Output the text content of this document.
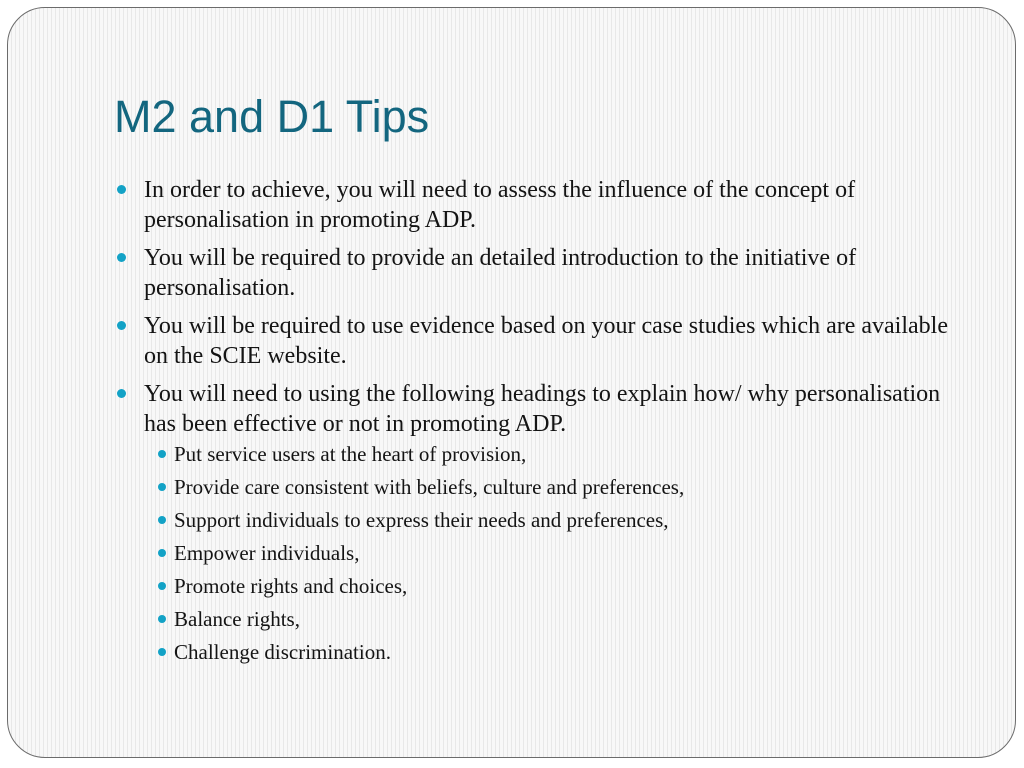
M2 and D1 Tips
In order to achieve, you will need to assess the influence of the concept of personalisation in promoting ADP.
You will be required to provide an detailed introduction to the initiative of personalisation.
You will be required to use evidence based on your case studies which are available on the SCIE website.
You will need to using the following headings to explain how/ why personalisation has been effective or not in promoting ADP.
Put service users at the heart of provision,
Provide care consistent with beliefs, culture and preferences,
Support individuals to express their needs and preferences,
Empower individuals,
Promote rights and choices,
Balance rights,
Challenge discrimination.
